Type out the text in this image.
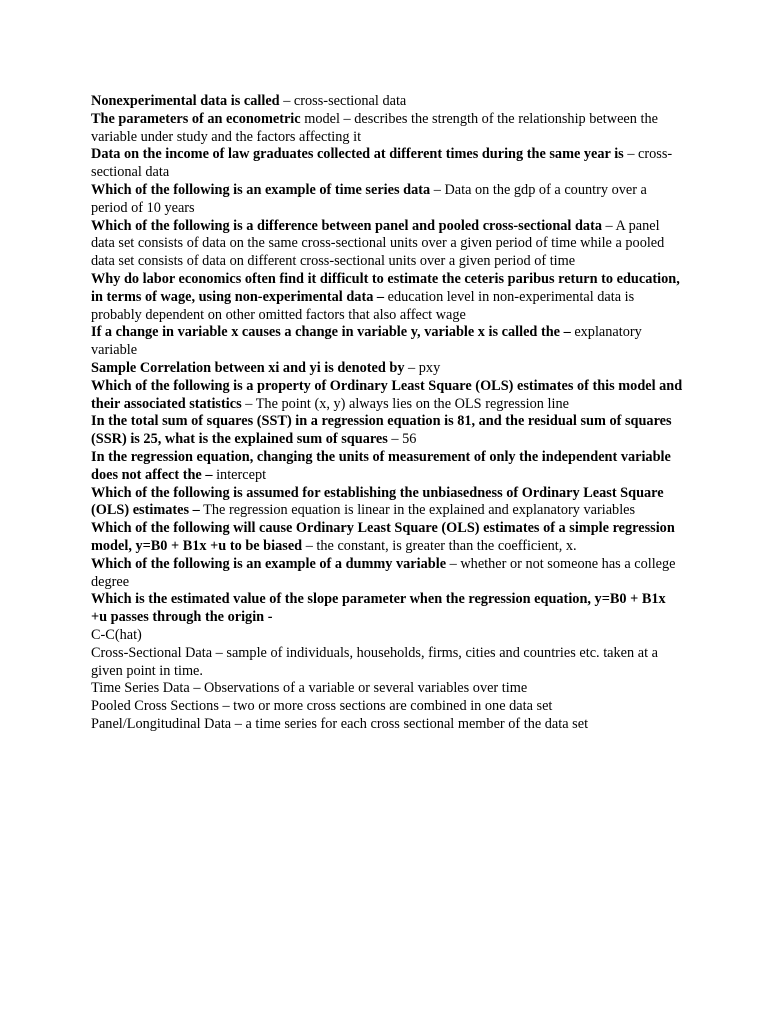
Nonexperimental data is called – cross-sectional data

The parameters of an econometric model – describes the strength of the relationship between the variable under study and the factors affecting it

Data on the income of law graduates collected at different times during the same year is – cross-sectional data

Which of the following is an example of time series data – Data on the gdp of a country over a period of 10 years

Which of the following is a difference between panel and pooled cross-sectional data – A panel data set consists of data on the same cross-sectional units over a given period of time while a pooled data set consists of data on different cross-sectional units over a given period of time

Why do labor economics often find it difficult to estimate the ceteris paribus return to education, in terms of wage, using non-experimental data – education level in non-experimental data is probably dependent on other omitted factors that also affect wage

If a change in variable x causes a change in variable y, variable x is called the – explanatory variable

Sample Correlation between xi and yi is denoted by – pxy

Which of the following is a property of Ordinary Least Square (OLS) estimates of this model and their associated statistics – The point (x, y) always lies on the OLS regression line

In the total sum of squares (SST) in a regression equation is 81, and the residual sum of squares (SSR) is 25, what is the explained sum of squares – 56

In the regression equation, changing the units of measurement of only the independent variable does not affect the – intercept

Which of the following is assumed for establishing the unbiasedness of Ordinary Least Square (OLS) estimates – The regression equation is linear in the explained and explanatory variables

Which of the following will cause Ordinary Least Square (OLS) estimates of a simple regression model, y=B0 + B1x +u to be biased – the constant, is greater than the coefficient, x.

Which of the following is an example of a dummy variable – whether or not someone has a college degree

Which is the estimated value of the slope parameter when the regression equation, y=B0 + B1x +u passes through the origin -

C-C(hat)

Cross-Sectional Data – sample of individuals, households, firms, cities and countries etc. taken at a given point in time.

Time Series Data – Observations of a variable or several variables over time

Pooled Cross Sections – two or more cross sections are combined in one data set

Panel/Longitudinal Data – a time series for each cross sectional member of the data set
